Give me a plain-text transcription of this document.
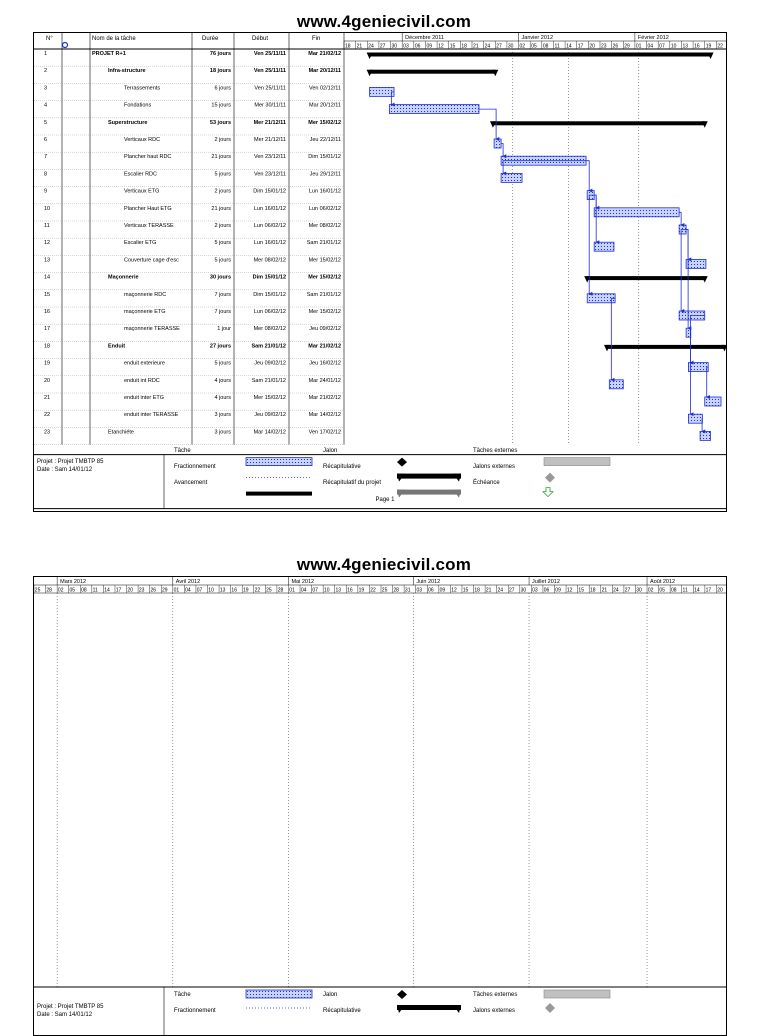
www.4geniecivil.com
N°	Nom de la tâche	Durée	Début	Fin	Décembre 2011	Janvier 2012	Février 2012
18 21 24 27 30 03 06 09 12 15 18 21 24 27 30 02 05 08 11 14 17 20 23 26 29 01 04 07 10 13 16 19 22
1	PROJET R+1	76 jours	Ven 25/11/11	Mar 21/02/12
2	Infra-structure	18 jours	Ven 25/11/11	Mar 20/12/11
3	Terrassements	6 jours	Ven 25/11/11	Ven 02/12/11
4	Fondations	15 jours	Mer 30/11/11	Mar 20/12/11
5	Superstructure	53 jours	Mer 21/12/11	Mer 15/02/12
6	Verticaux RDC	2 jours	Mer 21/12/11	Jeu 22/12/11
7	Plancher haut RDC	21 jours	Ven 23/12/11	Dim 15/01/12
8	Escalier RDC	5 jours	Ven 23/12/11	Jeu 29/12/11
9	Verticaux ETG	2 jours	Dim 15/01/12	Lun 16/01/12
10	Plancher Haut ETG	21 jours	Lun 16/01/12	Lun 06/02/12
11	Verticaux TERASSE	2 jours	Lun 06/02/12	Mer 08/02/12
12	Escalier ETG	5 jours	Lun 16/01/12	Sam 21/01/12
13	Couverture cage d'esc	5 jours	Mer 08/02/12	Mer 15/02/12
14	Maçonnerie	30 jours	Dim 15/01/12	Mer 15/02/12
15	maçonnerie RDC	7 jours	Dim 15/01/12	Sam 21/01/12
16	maçonnerie ETG	7 jours	Lun 06/02/12	Mer 15/02/12
17	maçonnerie TERASSE	1 jour	Mer 08/02/12	Jeu 09/02/12
18	Enduit	27 jours	Sam 21/01/12	Mar 21/02/12
19	enduit exterieure	5 jours	Jeu 09/02/12	Jeu 16/02/12
20	enduit int RDC	4 jours	Sam 21/01/12	Mar 24/01/12
21	enduit inter ETG	4 jours	Mer 15/02/12	Mar 21/02/12
22	enduit inter TERASSE	3 jours	Jeu 09/02/12	Mar 14/02/12
23	Etanchiéte	3 jours	Mar 14/02/12	Ven 17/02/12
Projet : Projet TMBTP 85
Date : Sam 14/01/12
Tâche
Fractionnement
Avancement
Jalon
Récapitulative
Récapitulatif du projet
Tâches externes
Jalons externes
Échéance
Page 1
www.4geniecivil.com
Mars 2012	Avril 2012	Mai 2012	Juin 2012	Juillet 2012	Août 2012
25 28 02 05 08 11 14 17 20 23 26 29 01 04 07 10 13 16 19 22 25 28 01 04 07 10 13 16 19 22 25 28 31 03 06 09 12 15 18 21 24 27 30 03 06 09 12 15 18 21 24 27 30 02 05 08 11 14 17 20
Projet : Projet TMBTP 85
Date : Sam 14/01/12
Tâche
Fractionnement
Jalon
Récapitulative
Tâches externes
Jalons externes
